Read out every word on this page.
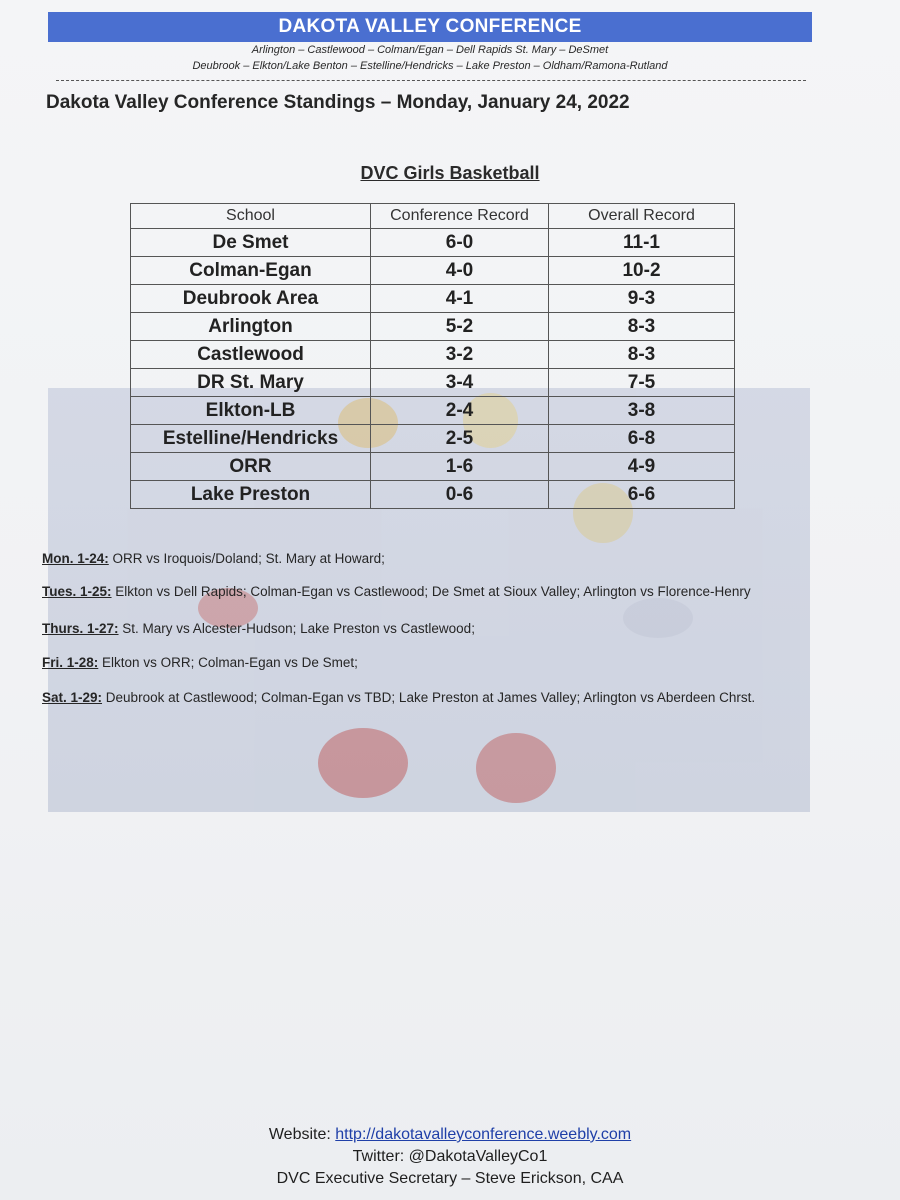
DAKOTA VALLEY CONFERENCE
Arlington – Castlewood – Colman/Egan – Dell Rapids St. Mary – DeSmet
Deubrook – Elkton/Lake Benton – Estelline/Hendricks – Lake Preston – Oldham/Ramona-Rutland
Dakota Valley Conference Standings – Monday, January 24, 2022
DVC Girls Basketball
School	Conference Record	Overall Record
De Smet	6-0	11-1
Colman-Egan	4-0	10-2
Deubrook Area	4-1	9-3
Arlington	5-2	8-3
Castlewood	3-2	8-3
DR St. Mary	3-4	7-5
Elkton-LB	2-4	3-8
Estelline/Hendricks	2-5	6-8
ORR	1-6	4-9
Lake Preston	0-6	6-6
Mon. 1-24: ORR vs Iroquois/Doland; St. Mary at Howard;
Tues. 1-25: Elkton vs Dell Rapids; Colman-Egan vs Castlewood; De Smet at Sioux Valley; Arlington vs Florence-Henry
Thurs. 1-27: St. Mary vs Alcester-Hudson; Lake Preston vs Castlewood;
Fri. 1-28: Elkton vs ORR; Colman-Egan vs De Smet;
Sat. 1-29: Deubrook at Castlewood; Colman-Egan vs TBD; Lake Preston at James Valley; Arlington vs Aberdeen Chrst.
Website: http://dakotavalleyconference.weebly.com
Twitter: @DakotaValleyCo1
DVC Executive Secretary – Steve Erickson, CAA
